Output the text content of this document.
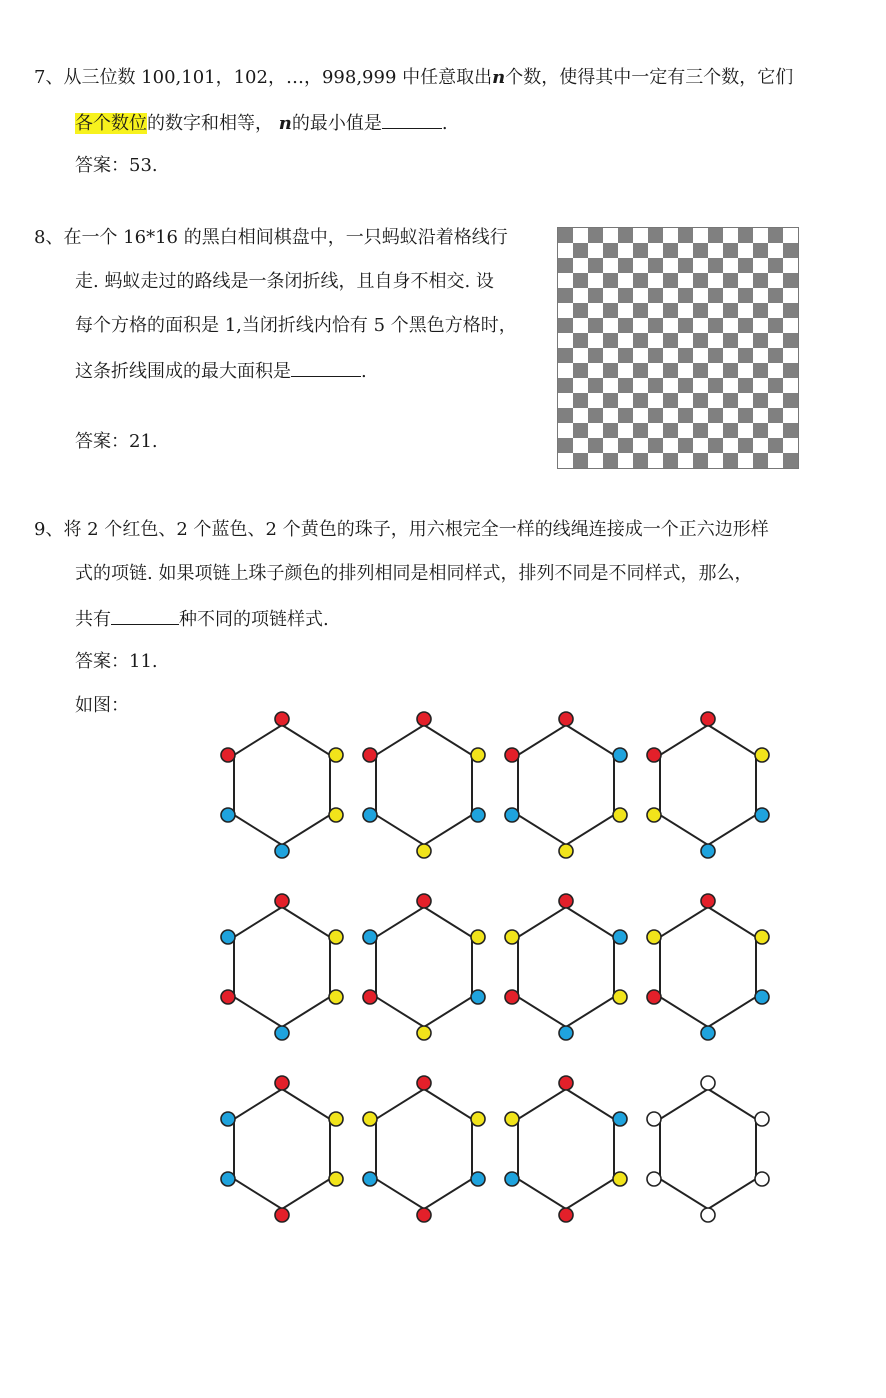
7、从三位数 100,101，102，…，998,999 中任意取出n个数，使得其中一定有三个数，它们
各个数位的数字和相等， n的最小值是	.
答案：53.
8、在一个 16*16 的黑白相间棋盘中，一只蚂蚁沿着格线行
走. 蚂蚁走过的路线是一条闭折线，且自身不相交. 设
每个方格的面积是 1,当闭折线内恰有 5 个黑色方格时，
这条折线围成的最大面积是	.
答案：21.
9、将 2 个红色、2 个蓝色、2 个黄色的珠子，用六根完全一样的线绳连接成一个正六边形样
式的项链. 如果项链上珠子颜色的排列相同是相同样式，排列不同是不同样式，那么，
共有	种不同的项链样式.
答案：11.
如图：
